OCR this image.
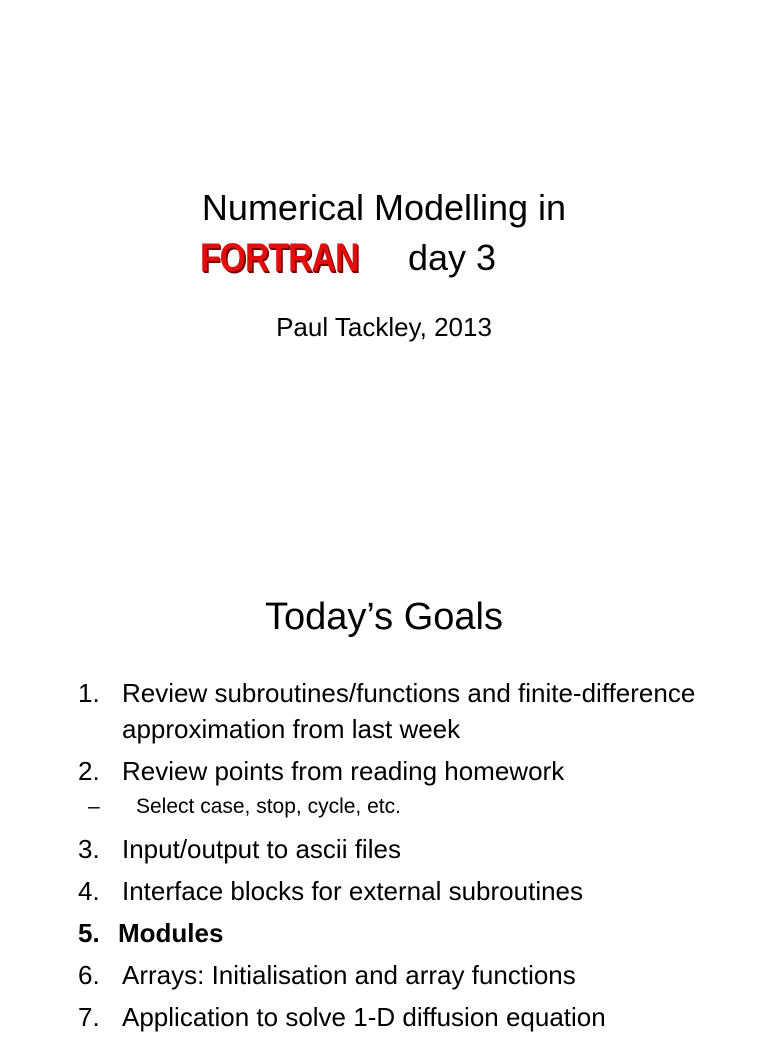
Numerical Modelling in
FORTRAN day 3
Paul Tackley, 2013
Today’s Goals
1. Review subroutines/functions and finite-difference approximation from last week
2. Review points from reading homework
–	Select case, stop, cycle, etc.
3. Input/output to ascii files
4. Interface blocks for external subroutines
5. Modules
6. Arrays: Initialisation and array functions
7. Application to solve 1-D diffusion equation
